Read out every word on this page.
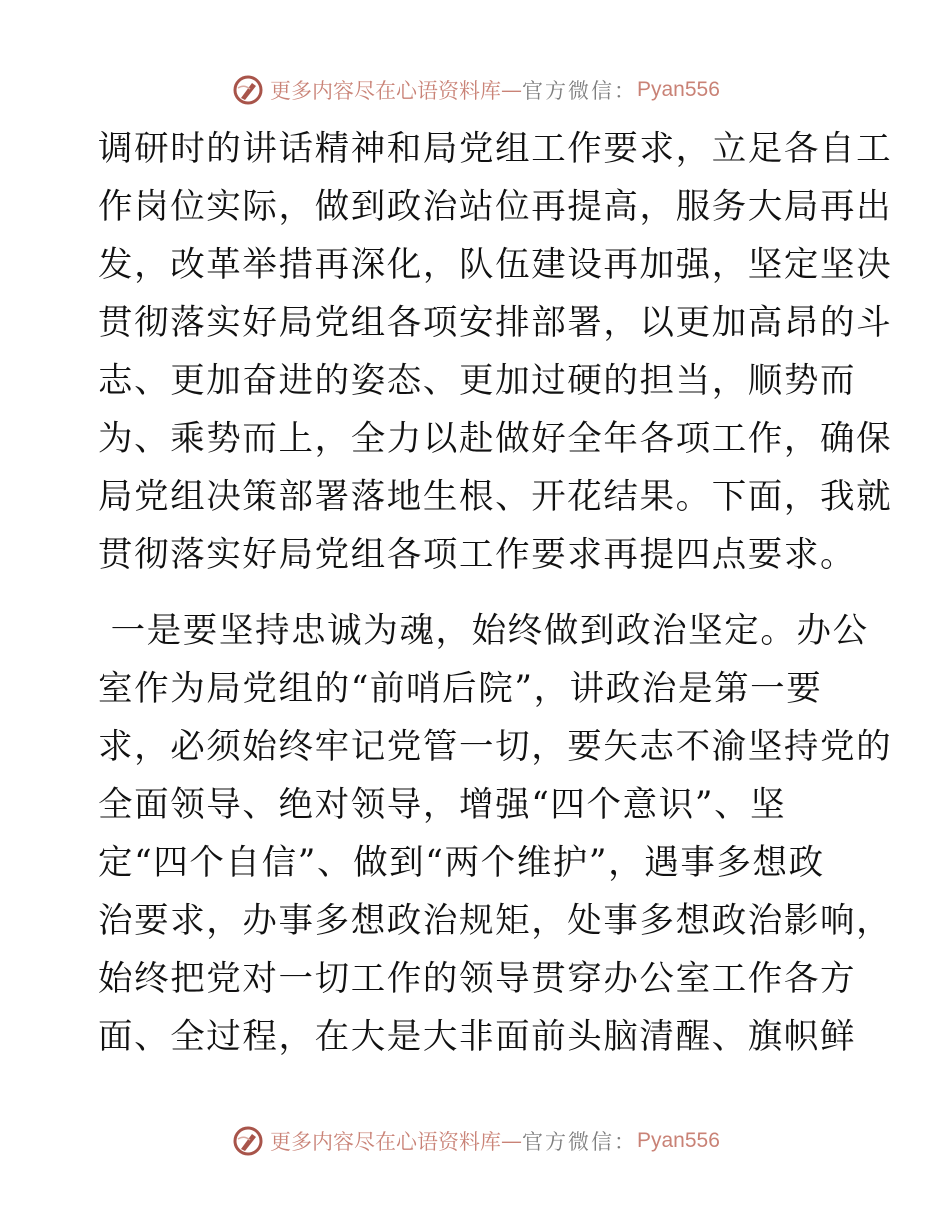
更多内容尽在心语资料库 — 官方微信： Pyan556
调研时的讲话精神和局党组工作要求，立足各自工
作岗位实际，做到政治站位再提高，服务大局再出
发，改革举措再深化，队伍建设再加强，坚定坚决
贯彻落实好局党组各项安排部署，以更加高昂的斗
志、更加奋进的姿态、更加过硬的担当，顺势而
为、乘势而上，全力以赴做好全年各项工作，确保
局党组决策部署落地生根、开花结果。下面，我就
贯彻落实好局党组各项工作要求再提四点要求。
一是要坚持忠诚为魂，始终做到政治坚定。办公
室作为局党组的“前哨后院”，讲政治是第一要
求，必须始终牢记党管一切，要矢志不渝坚持党的
全面领导、绝对领导，增强“四个意识”、坚
定“四个自信”、做到“两个维护”，遇事多想政
治要求，办事多想政治规矩，处事多想政治影响，
始终把党对一切工作的领导贯穿办公室工作各方
面、全过程，在大是大非面前头脑清醒、旗帜鲜
更多内容尽在心语资料库 — 官方微信： Pyan556
